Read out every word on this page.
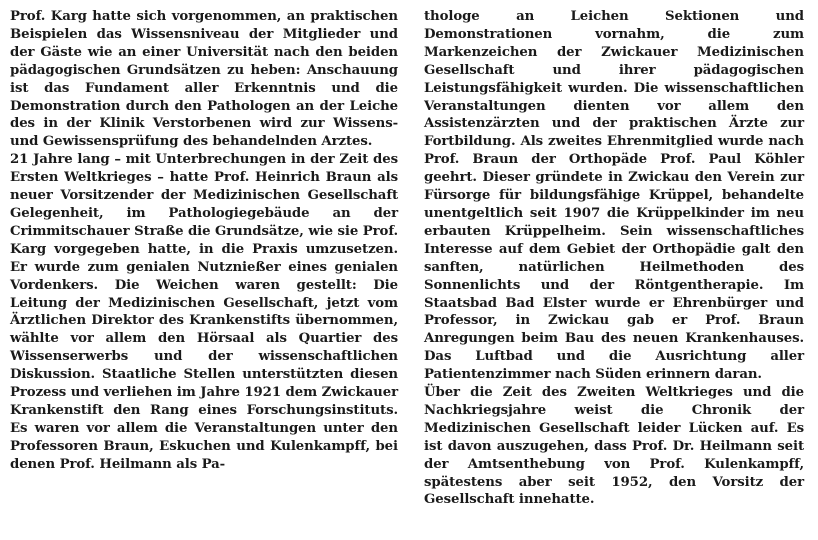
Prof. Karg hatte sich vorgenommen, an praktischen Beispielen das Wissensniveau der Mitglieder und der Gäste wie an einer Universität nach den beiden pädagogischen Grundsätzen zu heben: Anschauung ist das Fundament aller Erkenntnis und die Demonstration durch den Pathologen an der Leiche des in der Klinik Verstorbenen wird zur Wissens- und Gewissensprüfung des behandelnden Arztes.

21 Jahre lang – mit Unterbrechungen in der Zeit des Ersten Weltkrieges – hatte Prof. Heinrich Braun als neuer Vorsitzender der Medizinischen Gesellschaft Gelegenheit, im Pathologiegebäude an der Crimmitschauer Straße die Grundsätze, wie sie Prof. Karg vorgegeben hatte, in die Praxis umzusetzen. Er wurde zum genialen Nutznießer eines genialen Vordenkers. Die Weichen waren gestellt: Die Leitung der Medizinischen Gesellschaft, jetzt vom Ärztlichen Direktor des Krankenstifts übernommen, wählte vor allem den Hörsaal als Quartier des Wissenserwerbs und der wissenschaftlichen Diskussion. Staatliche Stellen unterstützten diesen Prozess und verliehen im Jahre 1921 dem Zwickauer Krankenstift den Rang eines Forschungsinstituts. Es waren vor allem die Veranstaltungen unter den Professoren Braun, Eskuchen und Kulenkampff, bei denen Prof. Heilmann als Pa-

thologe an Leichen Sektionen und Demonstrationen vornahm, die zum Markenzeichen der Zwickauer Medizinischen Gesellschaft und ihrer pädagogischen Leistungsfähigkeit wurden. Die wissenschaftlichen Veranstaltungen dienten vor allem den Assistenzärzten und der praktischen Ärzte zur Fortbildung. Als zweites Ehrenmitglied wurde nach Prof. Braun der Orthopäde Prof. Paul Köhler geehrt. Dieser gründete in Zwickau den Verein zur Fürsorge für bildungsfähige Krüppel, behandelte unentgeltlich seit 1907 die Krüppelkinder im neu erbauten Krüppelheim. Sein wissenschaftliches Interesse auf dem Gebiet der Orthopädie galt den sanften, natürlichen Heilmethoden des Sonnenlichts und der Röntgentherapie. Im Staatsbad Bad Elster wurde er Ehrenbürger und Professor, in Zwickau gab er Prof. Braun Anregungen beim Bau des neuen Krankenhauses. Das Luftbad und die Ausrichtung aller Patientenzimmer nach Süden erinnern daran.

Über die Zeit des Zweiten Weltkrieges und die Nachkriegsjahre weist die Chronik der Medizinischen Gesellschaft leider Lücken auf. Es ist davon auszugehen, dass Prof. Dr. Heilmann seit der Amtsenthebung von Prof. Kulenkampff, spätestens aber seit 1952, den Vorsitz der Gesellschaft innehatte.
